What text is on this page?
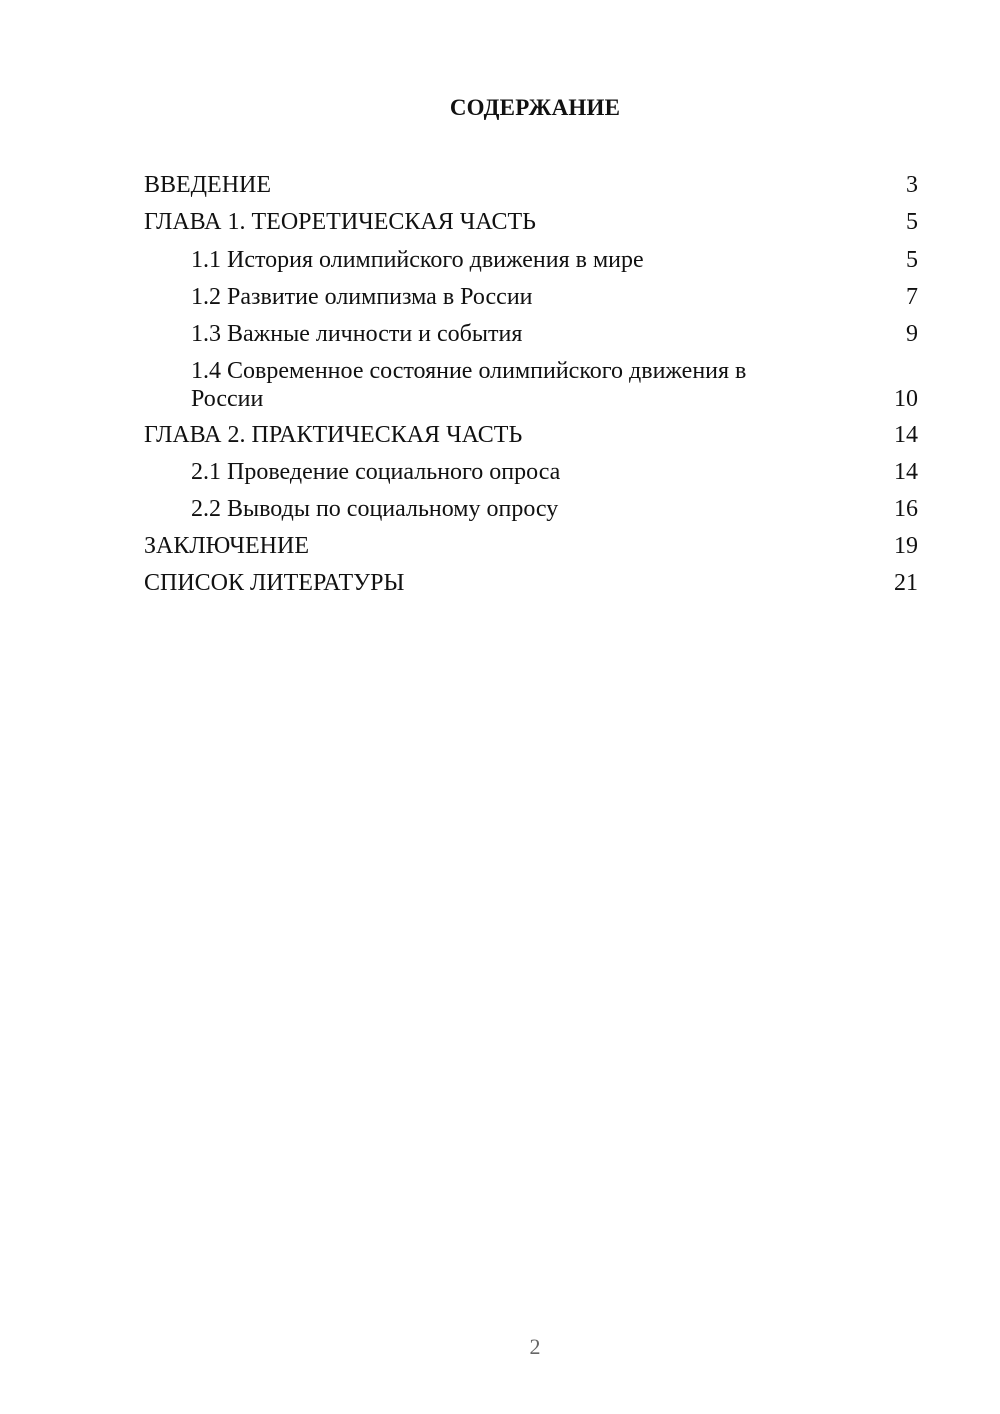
СОДЕРЖАНИЕ
ВВЕДЕНИЕ	3
ГЛАВА 1. ТЕОРЕТИЧЕСКАЯ ЧАСТЬ	5
1.1 История олимпийского движения в мире	5
1.2 Развитие олимпизма в России	7
1.3 Важные личности и события	9
1.4 Современное состояние олимпийского движения в России	10
ГЛАВА 2. ПРАКТИЧЕСКАЯ ЧАСТЬ	14
2.1 Проведение социального опроса	14
2.2 Выводы по социальному опросу	16
ЗАКЛЮЧЕНИЕ	19
СПИСОК ЛИТЕРАТУРЫ	21
2
